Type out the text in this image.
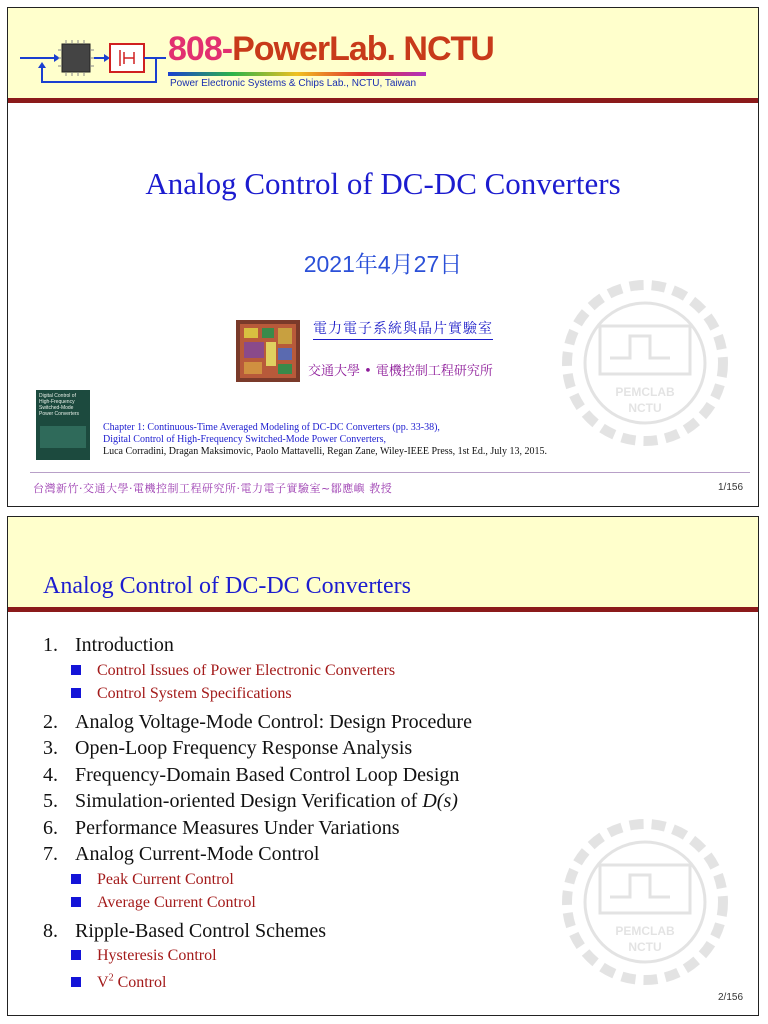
808-PowerLab. NCTU
Power Electronic Systems & Chips Lab., NCTU, Taiwan
PEMCLAB
NCTU
Analog Control of DC-DC Converters
2021年4月27日
電力電子系統與晶片實驗室
交通大學 • 電機控制工程研究所
Digital Control of High-Frequency Switched-Mode Power Converters
Chapter 1: Continuous-Time Averaged Modeling of DC-DC Converters (pp. 33-38),
Digital Control of High-Frequency Switched-Mode Power Converters,
Luca Corradini, Dragan Maksimovic, Paolo Mattavelli, Regan Zane, Wiley-IEEE Press, 1st Ed., July 13, 2015.
台灣新竹·交通大學·電機控制工程研究所·電力電子實驗室~鄒應嶼 教授	1/156
Analog Control of DC-DC Converters
PEMCLAB
NCTU
1. Introduction
Control Issues of Power Electronic Converters
Control System Specifications
2. Analog Voltage-Mode Control: Design Procedure
3. Open-Loop Frequency Response Analysis
4. Frequency-Domain Based Control Loop Design
5. Simulation-oriented Design Verification of D(s)
6. Performance Measures Under Variations
7. Analog Current-Mode Control
Peak Current Control
Average Current Control
8. Ripple-Based Control Schemes
Hysteresis Control
$V^2$ Control
2/156
